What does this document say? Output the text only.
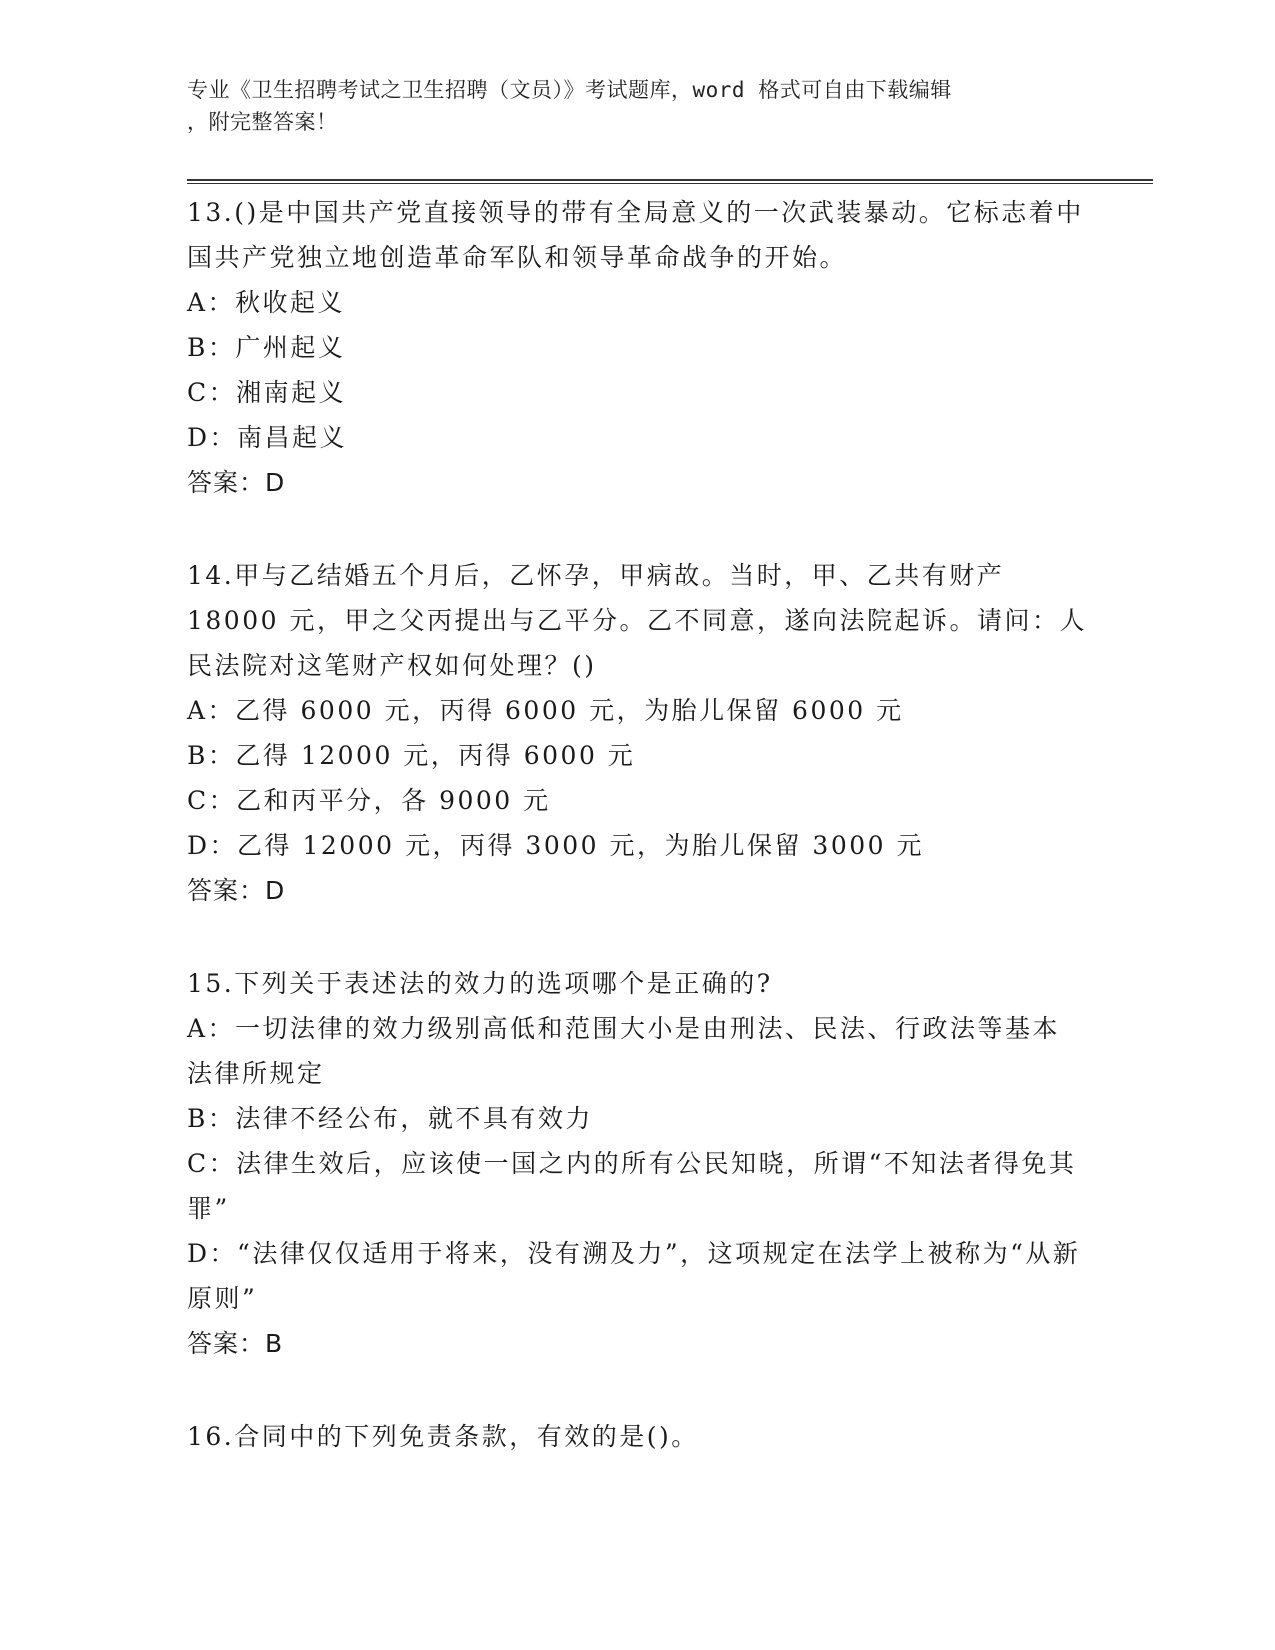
专业《卫生招聘考试之卫生招聘（文员）》考试题库，word 格式可自由下载编辑
，附完整答案！

13.()是中国共产党直接领导的带有全局意义的一次武装暴动。它标志着中国共产党独立地创造革命军队和领导革命战争的开始。

A：秋收起义

B：广州起义

C：湘南起义

D：南昌起义

答案：D

14.甲与乙结婚五个月后，乙怀孕，甲病故。当时，甲、乙共有财产18000 元，甲之父丙提出与乙平分。乙不同意，遂向法院起诉。请问：人民法院对这笔财产权如何处理？()

A：乙得 6000 元，丙得 6000 元，为胎儿保留 6000 元

B：乙得 12000 元，丙得 6000 元

C：乙和丙平分，各 9000 元

D：乙得 12000 元，丙得 3000 元，为胎儿保留 3000 元

答案：D

15.下列关于表述法的效力的选项哪个是正确的?

A：一切法律的效力级别高低和范围大小是由刑法、民法、行政法等基本法律所规定

B：法律不经公布，就不具有效力

C：法律生效后，应该使一国之内的所有公民知晓，所谓“不知法者得免其罪”

D：“法律仅仅适用于将来，没有溯及力”，这项规定在法学上被称为“从新原则”

答案：B

16.合同中的下列免责条款，有效的是()。
